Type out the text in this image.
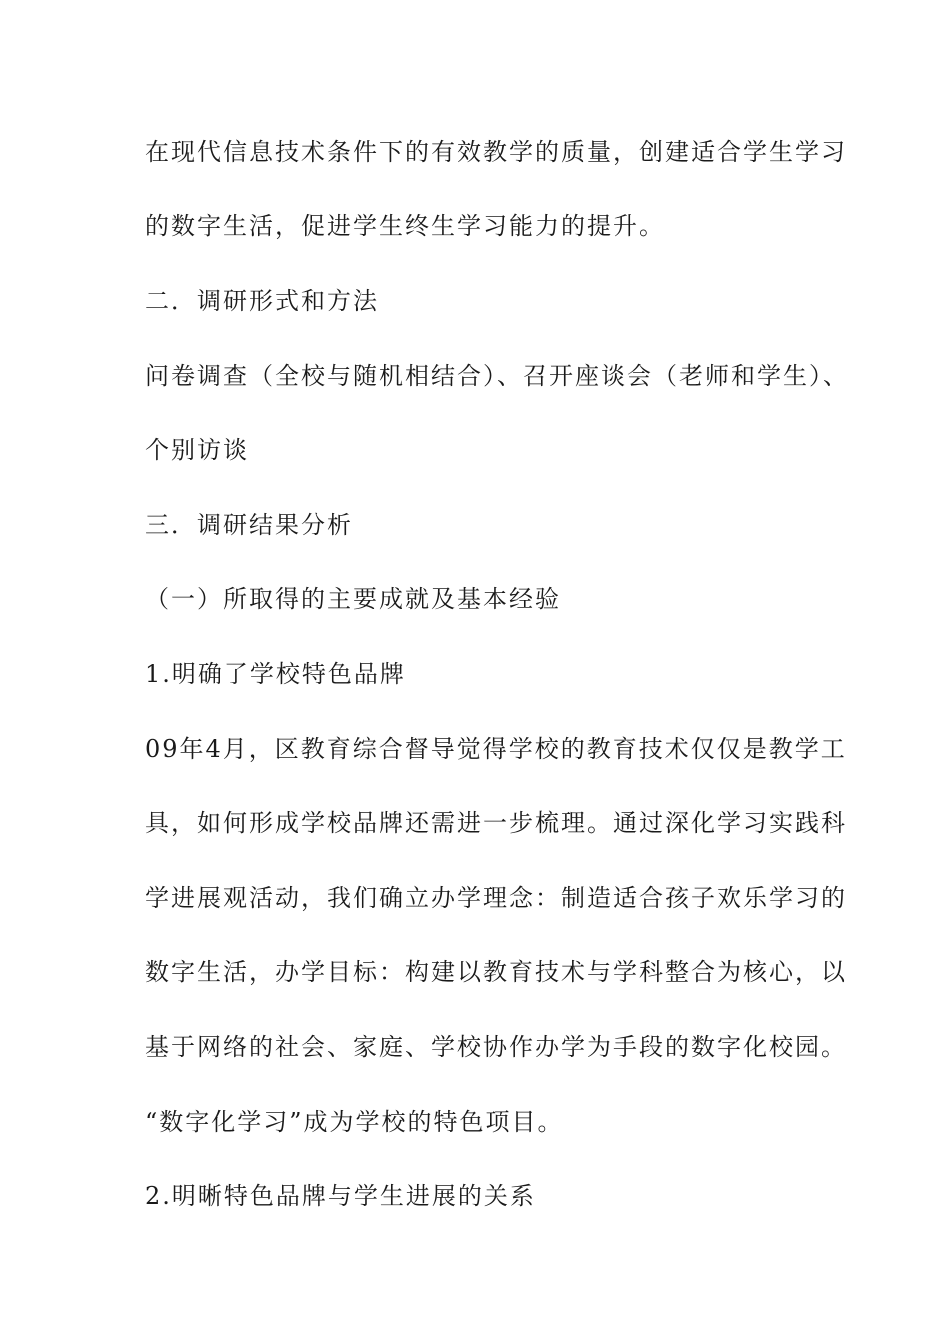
在现代信息技术条件下的有效教学的质量，创建适合学生学习
的数字生活，促进学生终生学习能力的提升。
二．调研形式和方法
问卷调查（全校与随机相结合）、召开座谈会（老师和学生）、
个别访谈
三．调研结果分析
（一）所取得的主要成就及基本经验
1.明确了学校特色品牌
09年4月，区教育综合督导觉得学校的教育技术仅仅是教学工
具，如何形成学校品牌还需进一步梳理。通过深化学习实践科
学进展观活动，我们确立办学理念：制造适合孩子欢乐学习的
数字生活，办学目标：构建以教育技术与学科整合为核心，以
基于网络的社会、家庭、学校协作办学为手段的数字化校园。
“数字化学习”成为学校的特色项目。
2.明晰特色品牌与学生进展的关系
